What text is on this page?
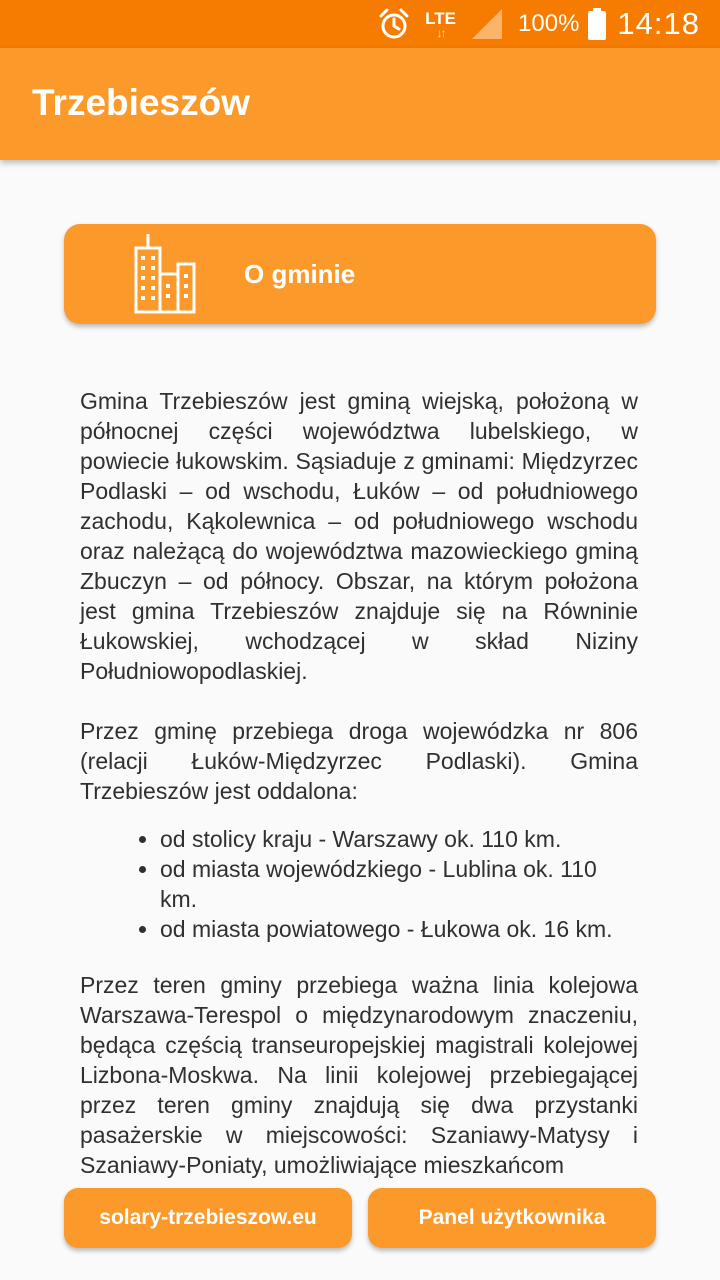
LTE
↓↑	100% 14:18
Trzebieszów
O gminie

Gmina Trzebieszów jest gminą wiejską, położoną w północnej części województwa lubelskiego, w powiecie łukowskim. Sąsiaduje z gminami: Międzyrzec Podlaski – od wschodu, Łuków – od południowego zachodu, Kąkolewnica – od południowego wschodu oraz należącą do województwa mazowieckiego gminą Zbuczyn – od północy. Obszar, na którym położona jest gmina Trzebieszów znajduje się na Równinie Łukowskiej, wchodzącej w skład Niziny Południowopodlaskiej.

Przez gminę przebiega droga wojewódzka nr 806 (relacji Łuków-Międzyrzec Podlaski). Gmina Trzebieszów jest oddalona:

• od stolicy kraju - Warszawy ok. 110 km.
• od miasta wojewódzkiego - Lublina ok. 110 km.
• od miasta powiatowego - Łukowa ok. 16 km.

Przez teren gminy przebiega ważna linia kolejowa Warszawa-Terespol o międzynarodowym znaczeniu, będąca częścią transeuropejskiej magistrali kolejowej Lizbona-Moskwa. Na linii kolejowej przebiegającej przez teren gminy znajdują się dwa przystanki pasażerskie w miejscowości: Szaniawy-Matysy i Szaniawy-Poniaty, umożliwiające mieszkańcom

solary-trzebieszow.eu	Panel użytkownika
